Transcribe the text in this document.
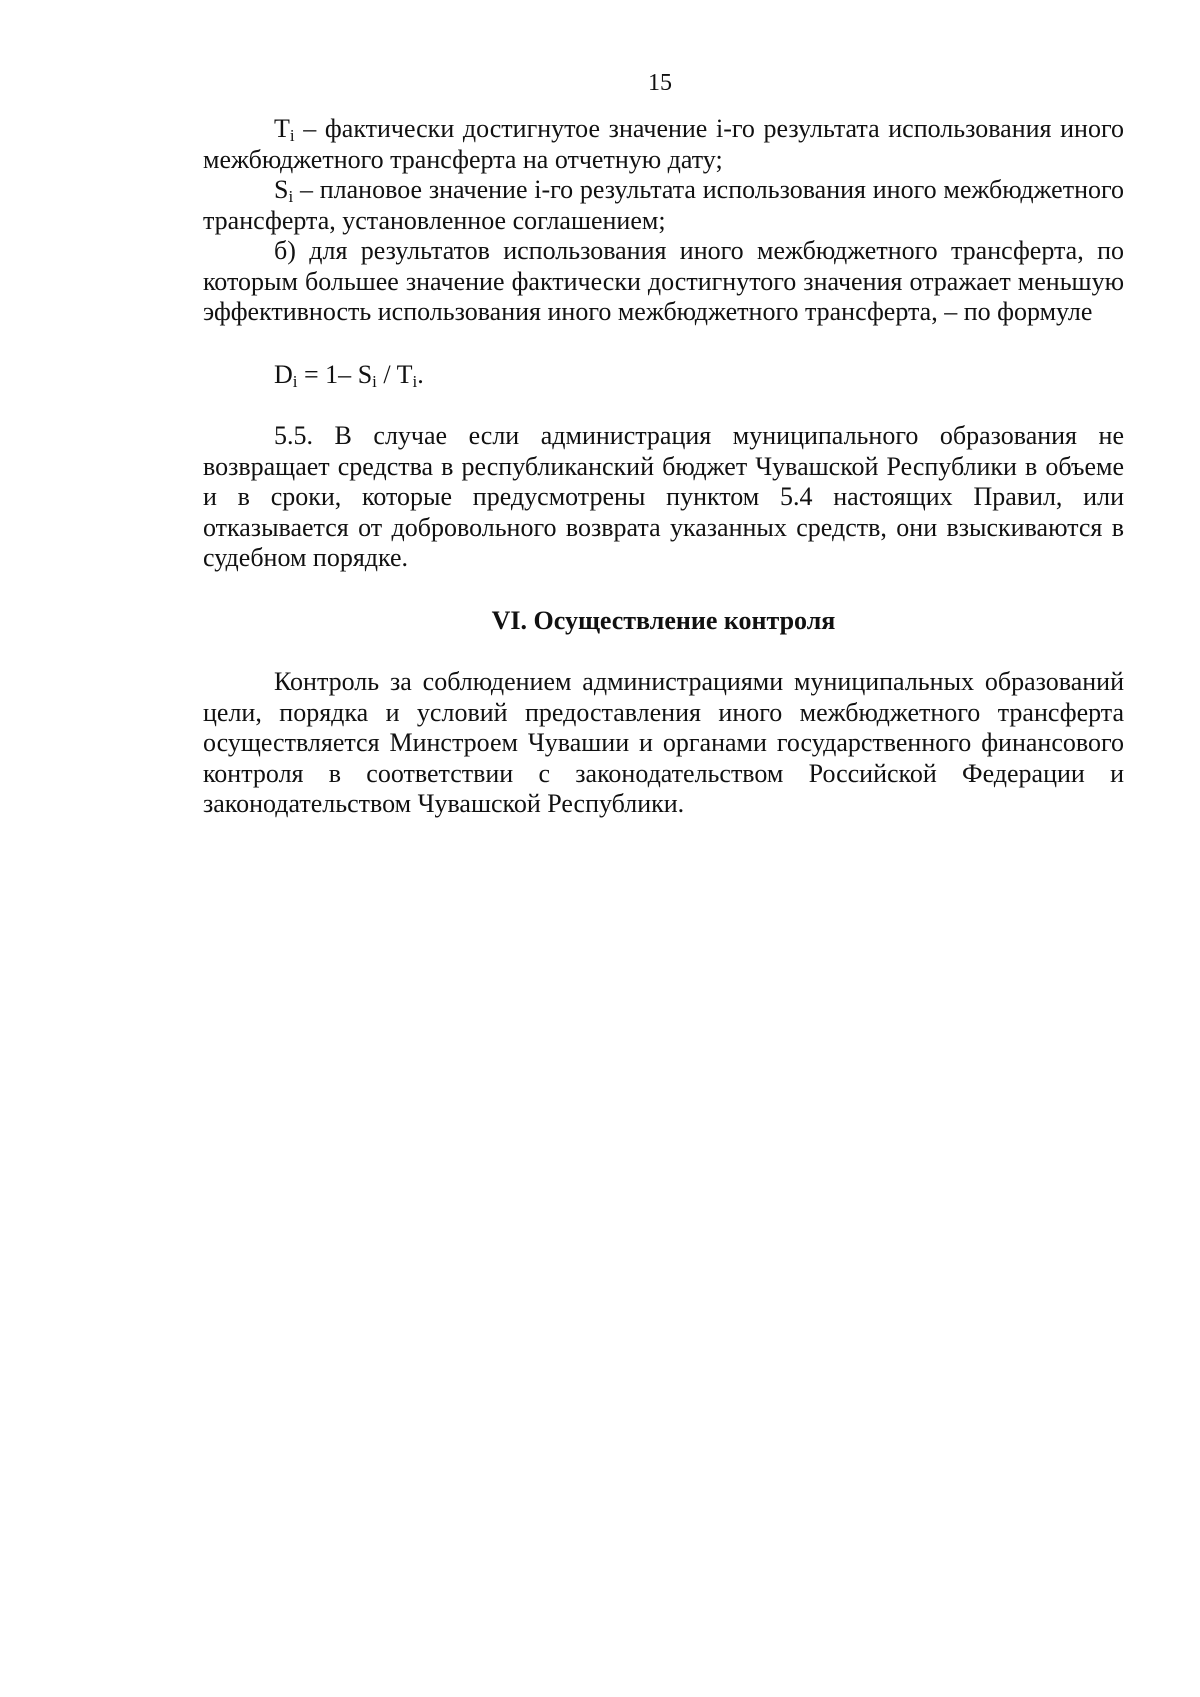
15

$T_i$ – фактически достигнутое значение i-го результата использования иного межбюджетного трансферта на отчетную дату;

$S_i$ – плановое значение i-го результата использования иного межбюджетного трансферта, установленное соглашением;

б) для результатов использования иного межбюджетного трансферта, по которым большее значение фактически достигнутого значения отражает меньшую эффективность использования иного межбюджетного трансферта, – по формуле

$D_i = 1-$ $S_i / T_i$.

5.5. В случае если администрация муниципального образования не возвращает средства в республиканский бюджет Чувашской Республики в объеме и в сроки, которые предусмотрены пунктом 5.4 настоящих Правил, или отказывается от добровольного возврата указанных средств, они взыскиваются в судебном порядке.

VI. Осуществление контроля

Контроль за соблюдением администрациями муниципальных образований цели, порядка и условий предоставления иного межбюджетного трансферта осуществляется Минстроем Чувашии и органами государственного финансового контроля в соответствии с законодательством Российской Федерации и законодательством Чувашской Республики.
